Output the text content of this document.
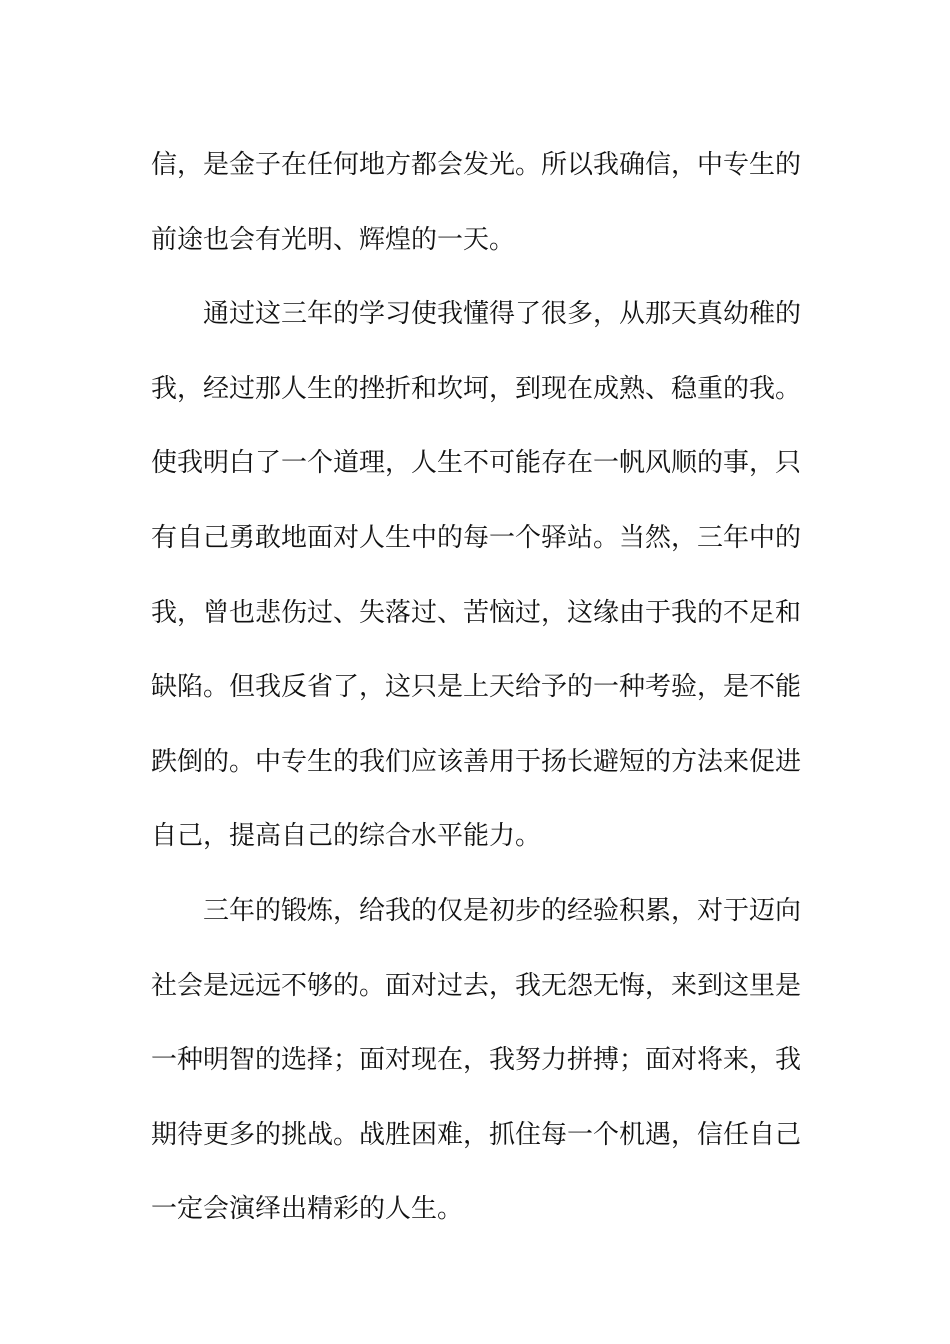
信，是金子在任何地方都会发光。所以我确信，中专生的
前途也会有光明、辉煌的一天。
通过这三年的学习使我懂得了很多，从那天真幼稚的
我，经过那人生的挫折和坎坷，到现在成熟、稳重的我。
使我明白了一个道理，人生不可能存在一帆风顺的事，只
有自己勇敢地面对人生中的每一个驿站。当然，三年中的
我，曾也悲伤过、失落过、苦恼过，这缘由于我的不足和
缺陷。但我反省了，这只是上天给予的一种考验，是不能
跌倒的。中专生的我们应该善用于扬长避短的方法来促进
自己，提高自己的综合水平能力。
三年的锻炼，给我的仅是初步的经验积累，对于迈向
社会是远远不够的。面对过去，我无怨无悔，来到这里是
一种明智的选择；面对现在，我努力拼搏；面对将来，我
期待更多的挑战。战胜困难，抓住每一个机遇，信任自己
一定会演绎出精彩的人生。
